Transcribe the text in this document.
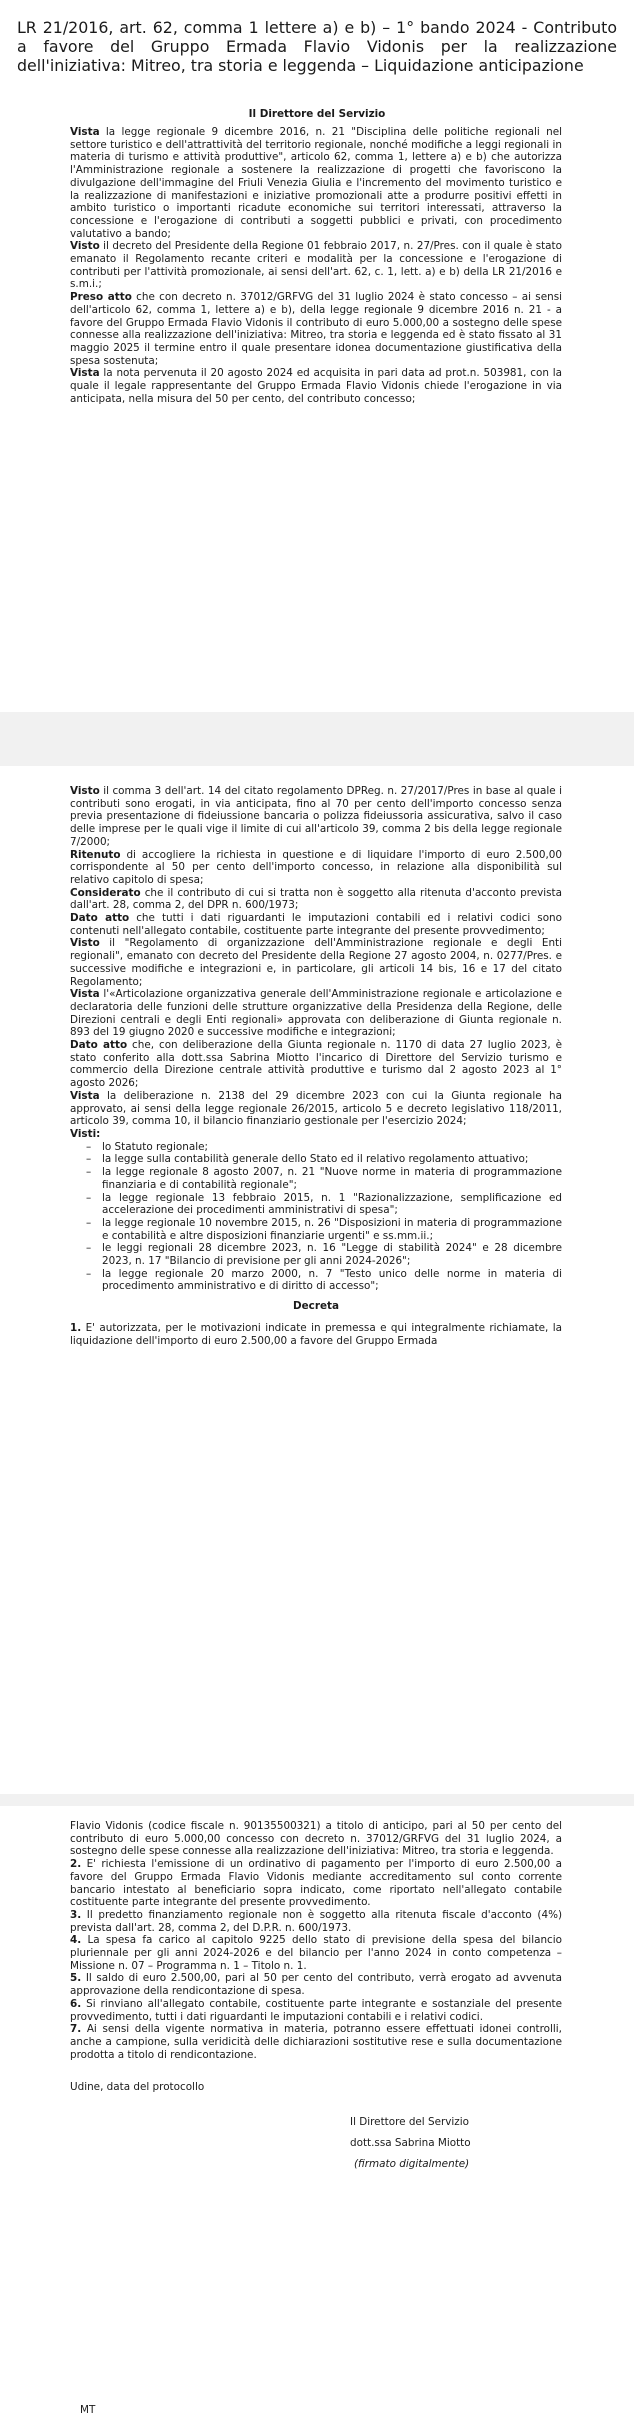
LR 21/2016, art. 62, comma 1 lettere a) e b) – 1° bando 2024 - Contributo a favore del Gruppo Ermada Flavio Vidonis per la realizzazione dell'iniziativa: Mitreo, tra storia e leggenda – Liquidazione anticipazione
Il Direttore del Servizio

Vista la legge regionale 9 dicembre 2016, n. 21 "Disciplina delle politiche regionali nel settore turistico e dell'attrattività del territorio regionale, nonché modifiche a leggi regionali in materia di turismo e attività produttive", articolo 62, comma 1, lettere a) e b) che autorizza l'Amministrazione regionale a sostenere la realizzazione di progetti che favoriscono la divulgazione dell'immagine del Friuli Venezia Giulia e l'incremento del movimento turistico e la realizzazione di manifestazioni e iniziative promozionali atte a produrre positivi effetti in ambito turistico o importanti ricadute economiche sui territori interessati, attraverso la concessione e l'erogazione di contributi a soggetti pubblici e privati, con procedimento valutativo a bando;

Visto il decreto del Presidente della Regione 01 febbraio 2017, n. 27/Pres. con il quale è stato emanato il Regolamento recante criteri e modalità per la concessione e l'erogazione di contributi per l'attività promozionale, ai sensi dell'art. 62, c. 1, lett. a) e b) della LR 21/2016 e s.m.i.;

Preso atto che con decreto n. 37012/GRFVG del 31 luglio 2024 è stato concesso – ai sensi dell'articolo 62, comma 1, lettere a) e b), della legge regionale 9 dicembre 2016 n. 21 - a favore del Gruppo Ermada Flavio Vidonis il contributo di euro 5.000,00 a sostegno delle spese connesse alla realizzazione dell'iniziativa: Mitreo, tra storia e leggenda ed è stato fissato al 31 maggio 2025 il termine entro il quale presentare idonea documentazione giustificativa della spesa sostenuta;

Vista la nota pervenuta il 20 agosto 2024 ed acquisita in pari data ad prot.n. 503981, con la quale il legale rappresentante del Gruppo Ermada Flavio Vidonis chiede l'erogazione in via anticipata, nella misura del 50 per cento, del contributo concesso;

Visto il comma 3 dell'art. 14 del citato regolamento DPReg. n. 27/2017/Pres in base al quale i contributi sono erogati, in via anticipata, fino al 70 per cento dell'importo concesso senza previa presentazione di fideiussione bancaria o polizza fideiussoria assicurativa, salvo il caso delle imprese per le quali vige il limite di cui all'articolo 39, comma 2 bis della legge regionale 7/2000;

Ritenuto di accogliere la richiesta in questione e di liquidare l'importo di euro 2.500,00 corrispondente al 50 per cento dell'importo concesso, in relazione alla disponibilità sul relativo capitolo di spesa;

Considerato che il contributo di cui si tratta non è soggetto alla ritenuta d'acconto prevista dall'art. 28, comma 2, del DPR n. 600/1973;

Dato atto che tutti i dati riguardanti le imputazioni contabili ed i relativi codici sono contenuti nell'allegato contabile, costituente parte integrante del presente provvedimento;

Visto il "Regolamento di organizzazione dell'Amministrazione regionale e degli Enti regionali", emanato con decreto del Presidente della Regione 27 agosto 2004, n. 0277/Pres. e successive modifiche e integrazioni e, in particolare, gli articoli 14 bis, 16 e 17 del citato Regolamento;

Vista l'«Articolazione organizzativa generale dell'Amministrazione regionale e articolazione e declaratoria delle funzioni delle strutture organizzative della Presidenza della Regione, delle Direzioni centrali e degli Enti regionali» approvata con deliberazione di Giunta regionale n. 893 del 19 giugno 2020 e successive modifiche e integrazioni;

Dato atto che, con deliberazione della Giunta regionale n. 1170 di data 27 luglio 2023, è stato conferito alla dott.ssa Sabrina Miotto l'incarico di Direttore del Servizio turismo e commercio della Direzione centrale attività produttive e turismo dal 2 agosto 2023 al 1° agosto 2026;

Vista la deliberazione n. 2138 del 29 dicembre 2023 con cui la Giunta regionale ha approvato, ai sensi della legge regionale 26/2015, articolo 5 e decreto legislativo 118/2011, articolo 39, comma 10, il bilancio finanziario gestionale per l'esercizio 2024;

Visti:

– lo Statuto regionale;
– la legge sulla contabilità generale dello Stato ed il relativo regolamento attuativo;
– la legge regionale 8 agosto 2007, n. 21 "Nuove norme in materia di programmazione finanziaria e di contabilità regionale";
– la legge regionale 13 febbraio 2015, n. 1 "Razionalizzazione, semplificazione ed accelerazione dei procedimenti amministrativi di spesa";
– la legge regionale 10 novembre 2015, n. 26 "Disposizioni in materia di programmazione e contabilità e altre disposizioni finanziarie urgenti" e ss.mm.ii.;
– le leggi regionali 28 dicembre 2023, n. 16 "Legge di stabilità 2024" e 28 dicembre 2023, n. 17 "Bilancio di previsione per gli anni 2024-2026";
– la legge regionale 20 marzo 2000, n. 7 "Testo unico delle norme in materia di procedimento amministrativo e di diritto di accesso";

Decreta

1. E' autorizzata, per le motivazioni indicate in premessa e qui integralmente richiamate, la liquidazione dell'importo di euro 2.500,00 a favore del Gruppo Ermada

Flavio Vidonis (codice fiscale n. 90135500321) a titolo di anticipo, pari al 50 per cento del contributo di euro 5.000,00 concesso con decreto n. 37012/GRFVG del 31 luglio 2024, a sostegno delle spese connesse alla realizzazione dell'iniziativa: Mitreo, tra storia e leggenda.

2. E' richiesta l'emissione di un ordinativo di pagamento per l'importo di euro 2.500,00 a favore del Gruppo Ermada Flavio Vidonis mediante accreditamento sul conto corrente bancario intestato al beneficiario sopra indicato, come riportato nell'allegato contabile costituente parte integrante del presente provvedimento.

3. Il predetto finanziamento regionale non è soggetto alla ritenuta fiscale d'acconto (4%) prevista dall'art. 28, comma 2, del D.P.R. n. 600/1973.

4. La spesa fa carico al capitolo 9225 dello stato di previsione della spesa del bilancio pluriennale per gli anni 2024-2026 e del bilancio per l'anno 2024 in conto competenza – Missione n. 07 – Programma n. 1 – Titolo n. 1.

5. Il saldo di euro 2.500,00, pari al 50 per cento del contributo, verrà erogato ad avvenuta approvazione della rendicontazione di spesa.

6. Si rinviano all'allegato contabile, costituente parte integrante e sostanziale del presente provvedimento, tutti i dati riguardanti le imputazioni contabili e i relativi codici.

7. Ai sensi della vigente normativa in materia, potranno essere effettuati idonei controlli, anche a campione, sulla veridicità delle dichiarazioni sostitutive rese e sulla documentazione prodotta a titolo di rendicontazione.

Udine, data del protocollo

Il Direttore del Servizio
dott.ssa Sabrina Miotto
(firmato digitalmente)
MT
